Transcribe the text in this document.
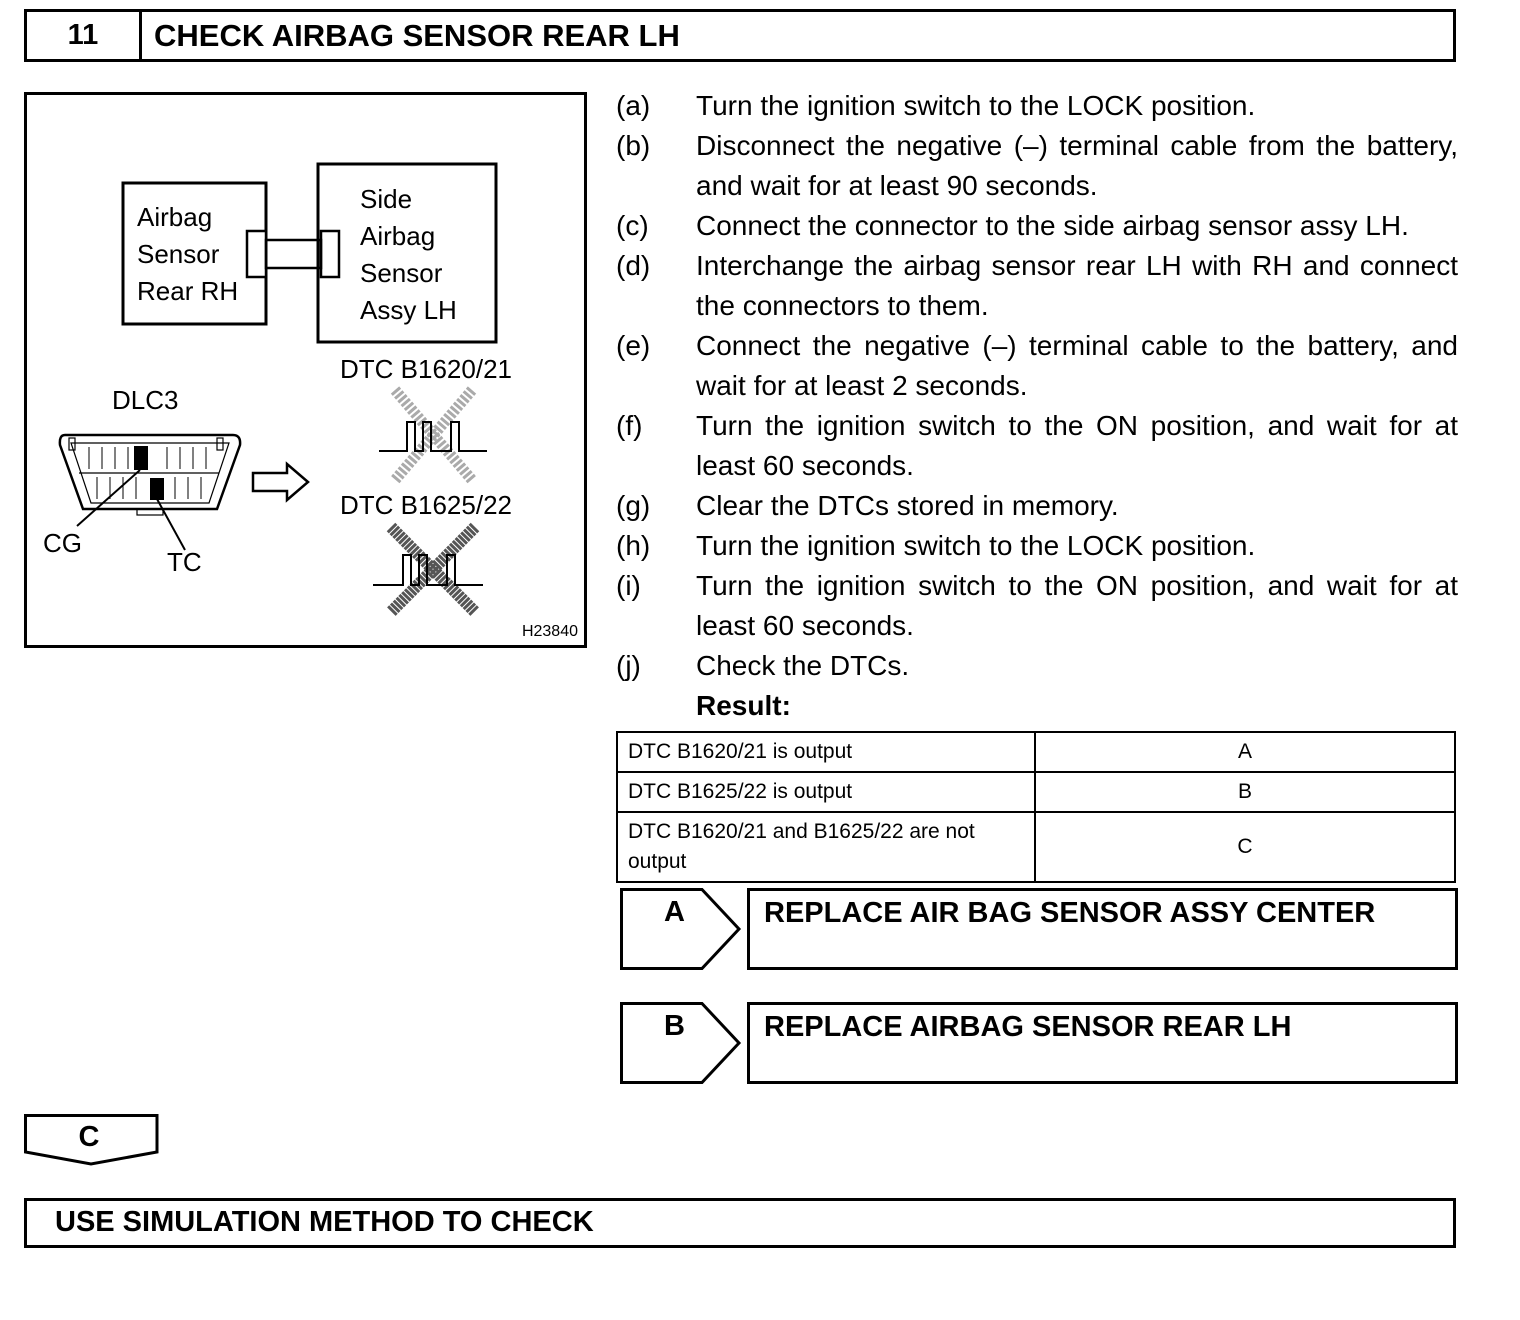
11	CHECK AIRBAG SENSOR REAR LH
Airbag
Sensor
Rear RH
Side
Airbag
Sensor
Assy LH
DTC B1620/21
DLC3
DTC B1625/22
CG
TC
H23840
(a)	Turn the ignition switch to the LOCK position.
(b)	Disconnect the negative (–) terminal cable from the battery, and wait for at least 90 seconds.
(c)	Connect the connector to the side airbag sensor assy LH.
(d)	Interchange the airbag sensor rear LH with RH and connect the connectors to them.
(e)	Connect the negative (–) terminal cable to the battery, and wait for at least 2 seconds.
(f)	Turn the ignition switch to the ON position, and wait for at least 60 seconds.
(g)	Clear the DTCs stored in memory.
(h)	Turn the ignition switch to the LOCK position.
(i)	Turn the ignition switch to the ON position, and wait for at least 60 seconds.
(j)	Check the DTCs.
Result:
DTC B1620/21 is output	A
DTC B1625/22 is output	B
DTC B1620/21 and B1625/22 are not output	C
A	REPLACE AIR BAG SENSOR ASSY CENTER
B	REPLACE AIRBAG SENSOR REAR LH
C
USE SIMULATION METHOD TO CHECK
